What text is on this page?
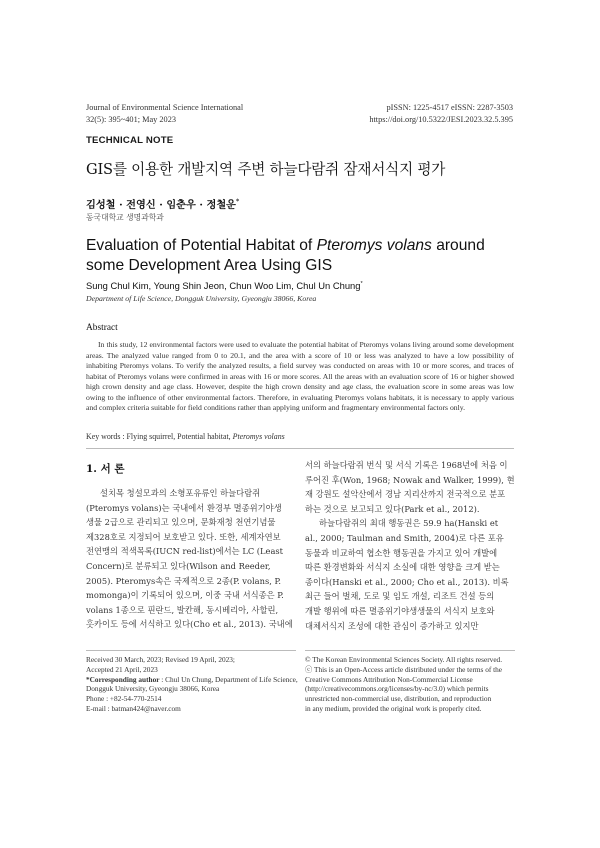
Journal of Environmental Science International
32(5): 395~401; May 2023
pISSN: 1225-4517 eISSN: 2287-3503
https://doi.org/10.5322/JESI.2023.32.5.395
TECHNICAL NOTE
GIS를 이용한 개발지역 주변 하늘다람쥐 잠재서식지 평가
김성철 · 전영신 · 임춘우 · 정철운*
동국대학교 생명과학과
Evaluation of Potential Habitat of Pteromys volans around some Development Area Using GIS
Sung Chul Kim, Young Shin Jeon, Chun Woo Lim, Chul Un Chung*
Department of Life Science, Dongguk University, Gyeongju 38066, Korea
Abstract

In this study, 12 environmental factors were used to evaluate the potential habitat of Pteromys volans living around some development areas. The analyzed value ranged from 0 to 20.1, and the area with a score of 10 or less was analyzed to have a low possibility of inhabiting Pteromys volans. To verify the analyzed results, a field survey was conducted on areas with 10 or more scores, and traces of habitat of Pteromys volans were confirmed in areas with 16 or more scores. All the areas with an evaluation score of 16 or higher showed high crown density and age class. However, despite the high crown density and age class, the evaluation score in some areas was low owing to the influence of other environmental factors. Therefore, in evaluating Pteromys volans habitats, it is necessary to apply various and complex criteria suitable for field conditions rather than applying uniform and fragmentary environmental factors only.

Key words : Flying squirrel, Potential habitat, Pteromys volans
1. 서 론
설치목 청설모과의 소형포유류인 하늘다람쥐
(Pteromys volans)는 국내에서 환경부 멸종위기야생
생물 2급으로 관리되고 있으며, 문화재청 천연기념물
제328호로 지정되어 보호받고 있다. 또한, 세계자연보
전연맹의 적색목록(IUCN red-list)에서는 LC (Least
Concern)로 분류되고 있다(Wilson and Reeder,
2005). Pteromys속은 국제적으로 2종(P. volans, P.
momonga)이 기록되어 있으며, 이중 국내 서식종은 P.
volans 1종으로 핀란드, 발칸해, 동시베리아, 사할린,
홋카이도 등에 서식하고 있다(Cho et al., 2013). 국내에
서의 하늘다람쥐 번식 및 서식 기록은 1968년에 처음 이
루어진 후(Won, 1968; Nowak and Walker, 1999), 현
재 강원도 설악산에서 경남 지리산까지 전국적으로 분포
하는 것으로 보고되고 있다(Park et al., 2012).
하늘다람쥐의 최대 행동권은 59.9 ha(Hanski et
al., 2000; Taulman and Smith, 2004)로 다른 포유
동물과 비교하여 협소한 행동권을 가지고 있어 개발에
따른 환경변화와 서식지 소실에 대한 영향을 크게 받는
종이다(Hanski et al., 2000; Cho et al., 2013). 비록
최근 들어 벌채, 도로 및 임도 개설, 리조트 건설 등의
개발 행위에 따른 멸종위기야생생물의 서식지 보호와
대체서식지 조성에 대한 관심이 증가하고 있지만
Received 30 March, 2023; Revised 19 April, 2023;
Accepted 21 April, 2023
*Corresponding author : Chul Un Chung, Department of Life Science,
Dongguk University, Gyeongju 38066, Korea
Phone : +82-54-770-2514
E-mail : batman424@naver.com
© The Korean Environmental Sciences Society. All rights reserved.
ⓒ This is an Open-Access article distributed under the terms of the
Creative Commons Attribution Non-Commercial License
(http://creativecommons.org/licenses/by-nc/3.0) which permits
unrestricted non-commercial use, distribution, and reproduction
in any medium, provided the original work is properly cited.
